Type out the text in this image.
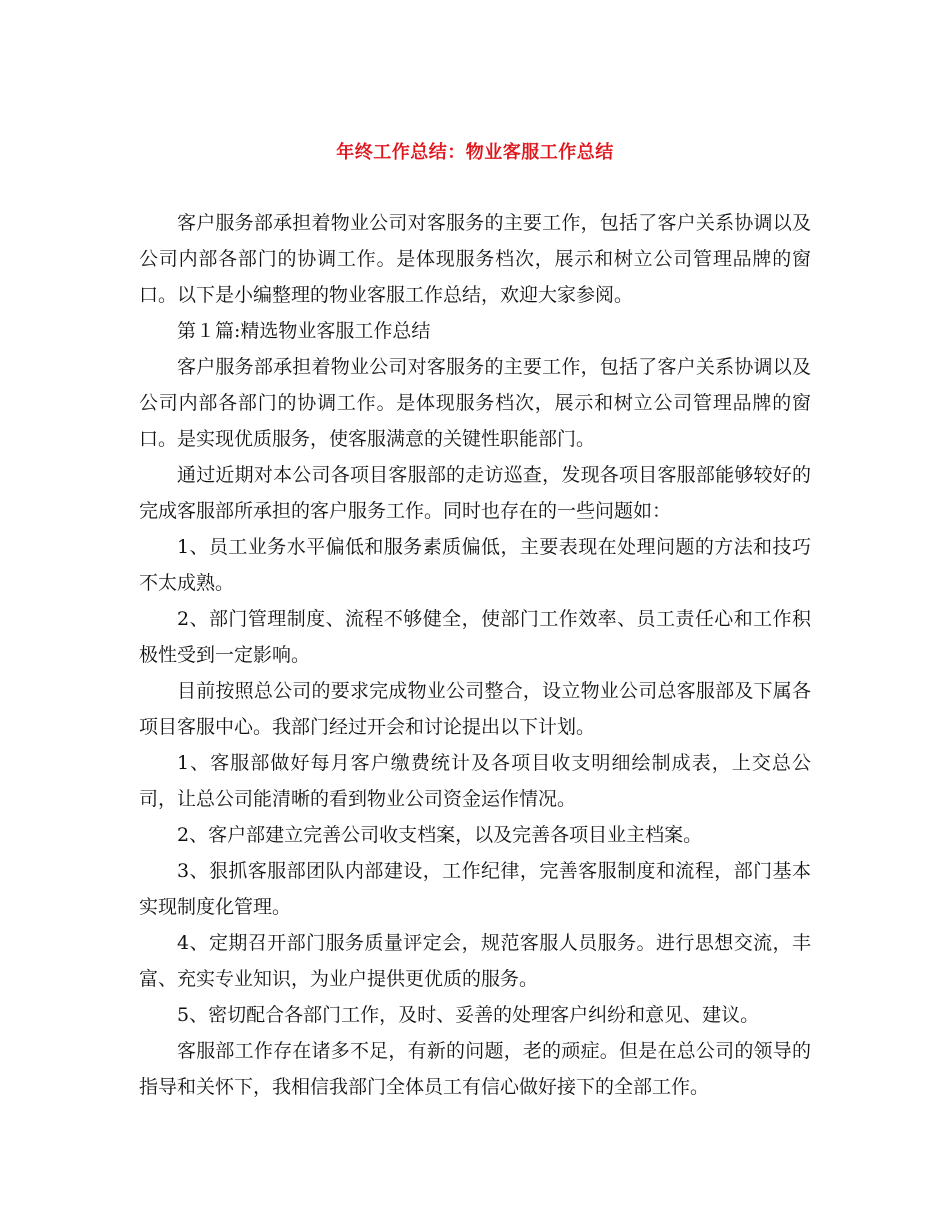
年终工作总结：物业客服工作总结

客户服务部承担着物业公司对客服务的主要工作，包括了客户关系协调以及公司内部各部门的协调工作。是体现服务档次，展示和树立公司管理品牌的窗口。以下是小编整理的物业客服工作总结，欢迎大家参阅。

第１篇:精选物业客服工作总结

客户服务部承担着物业公司对客服务的主要工作，包括了客户关系协调以及公司内部各部门的协调工作。是体现服务档次，展示和树立公司管理品牌的窗口。是实现优质服务，使客服满意的关键性职能部门。

通过近期对本公司各项目客服部的走访巡查，发现各项目客服部能够较好的完成客服部所承担的客户服务工作。同时也存在的一些问题如：

1、员工业务水平偏低和服务素质偏低，主要表现在处理问题的方法和技巧不太成熟。

2、部门管理制度、流程不够健全，使部门工作效率、员工责任心和工作积极性受到一定影响。

目前按照总公司的要求完成物业公司整合，设立物业公司总客服部及下属各项目客服中心。我部门经过开会和讨论提出以下计划。

1、客服部做好每月客户缴费统计及各项目收支明细绘制成表，上交总公司，让总公司能清晰的看到物业公司资金运作情况。

2、客户部建立完善公司收支档案，以及完善各项目业主档案。

3、狠抓客服部团队内部建设，工作纪律，完善客服制度和流程，部门基本实现制度化管理。

4、定期召开部门服务质量评定会，规范客服人员服务。进行思想交流，丰富、充实专业知识，为业户提供更优质的服务。

5、密切配合各部门工作，及时、妥善的处理客户纠纷和意见、建议。

客服部工作存在诸多不足，有新的问题，老的顽症。但是在总公司的领导的指导和关怀下，我相信我部门全体员工有信心做好接下的全部工作。
